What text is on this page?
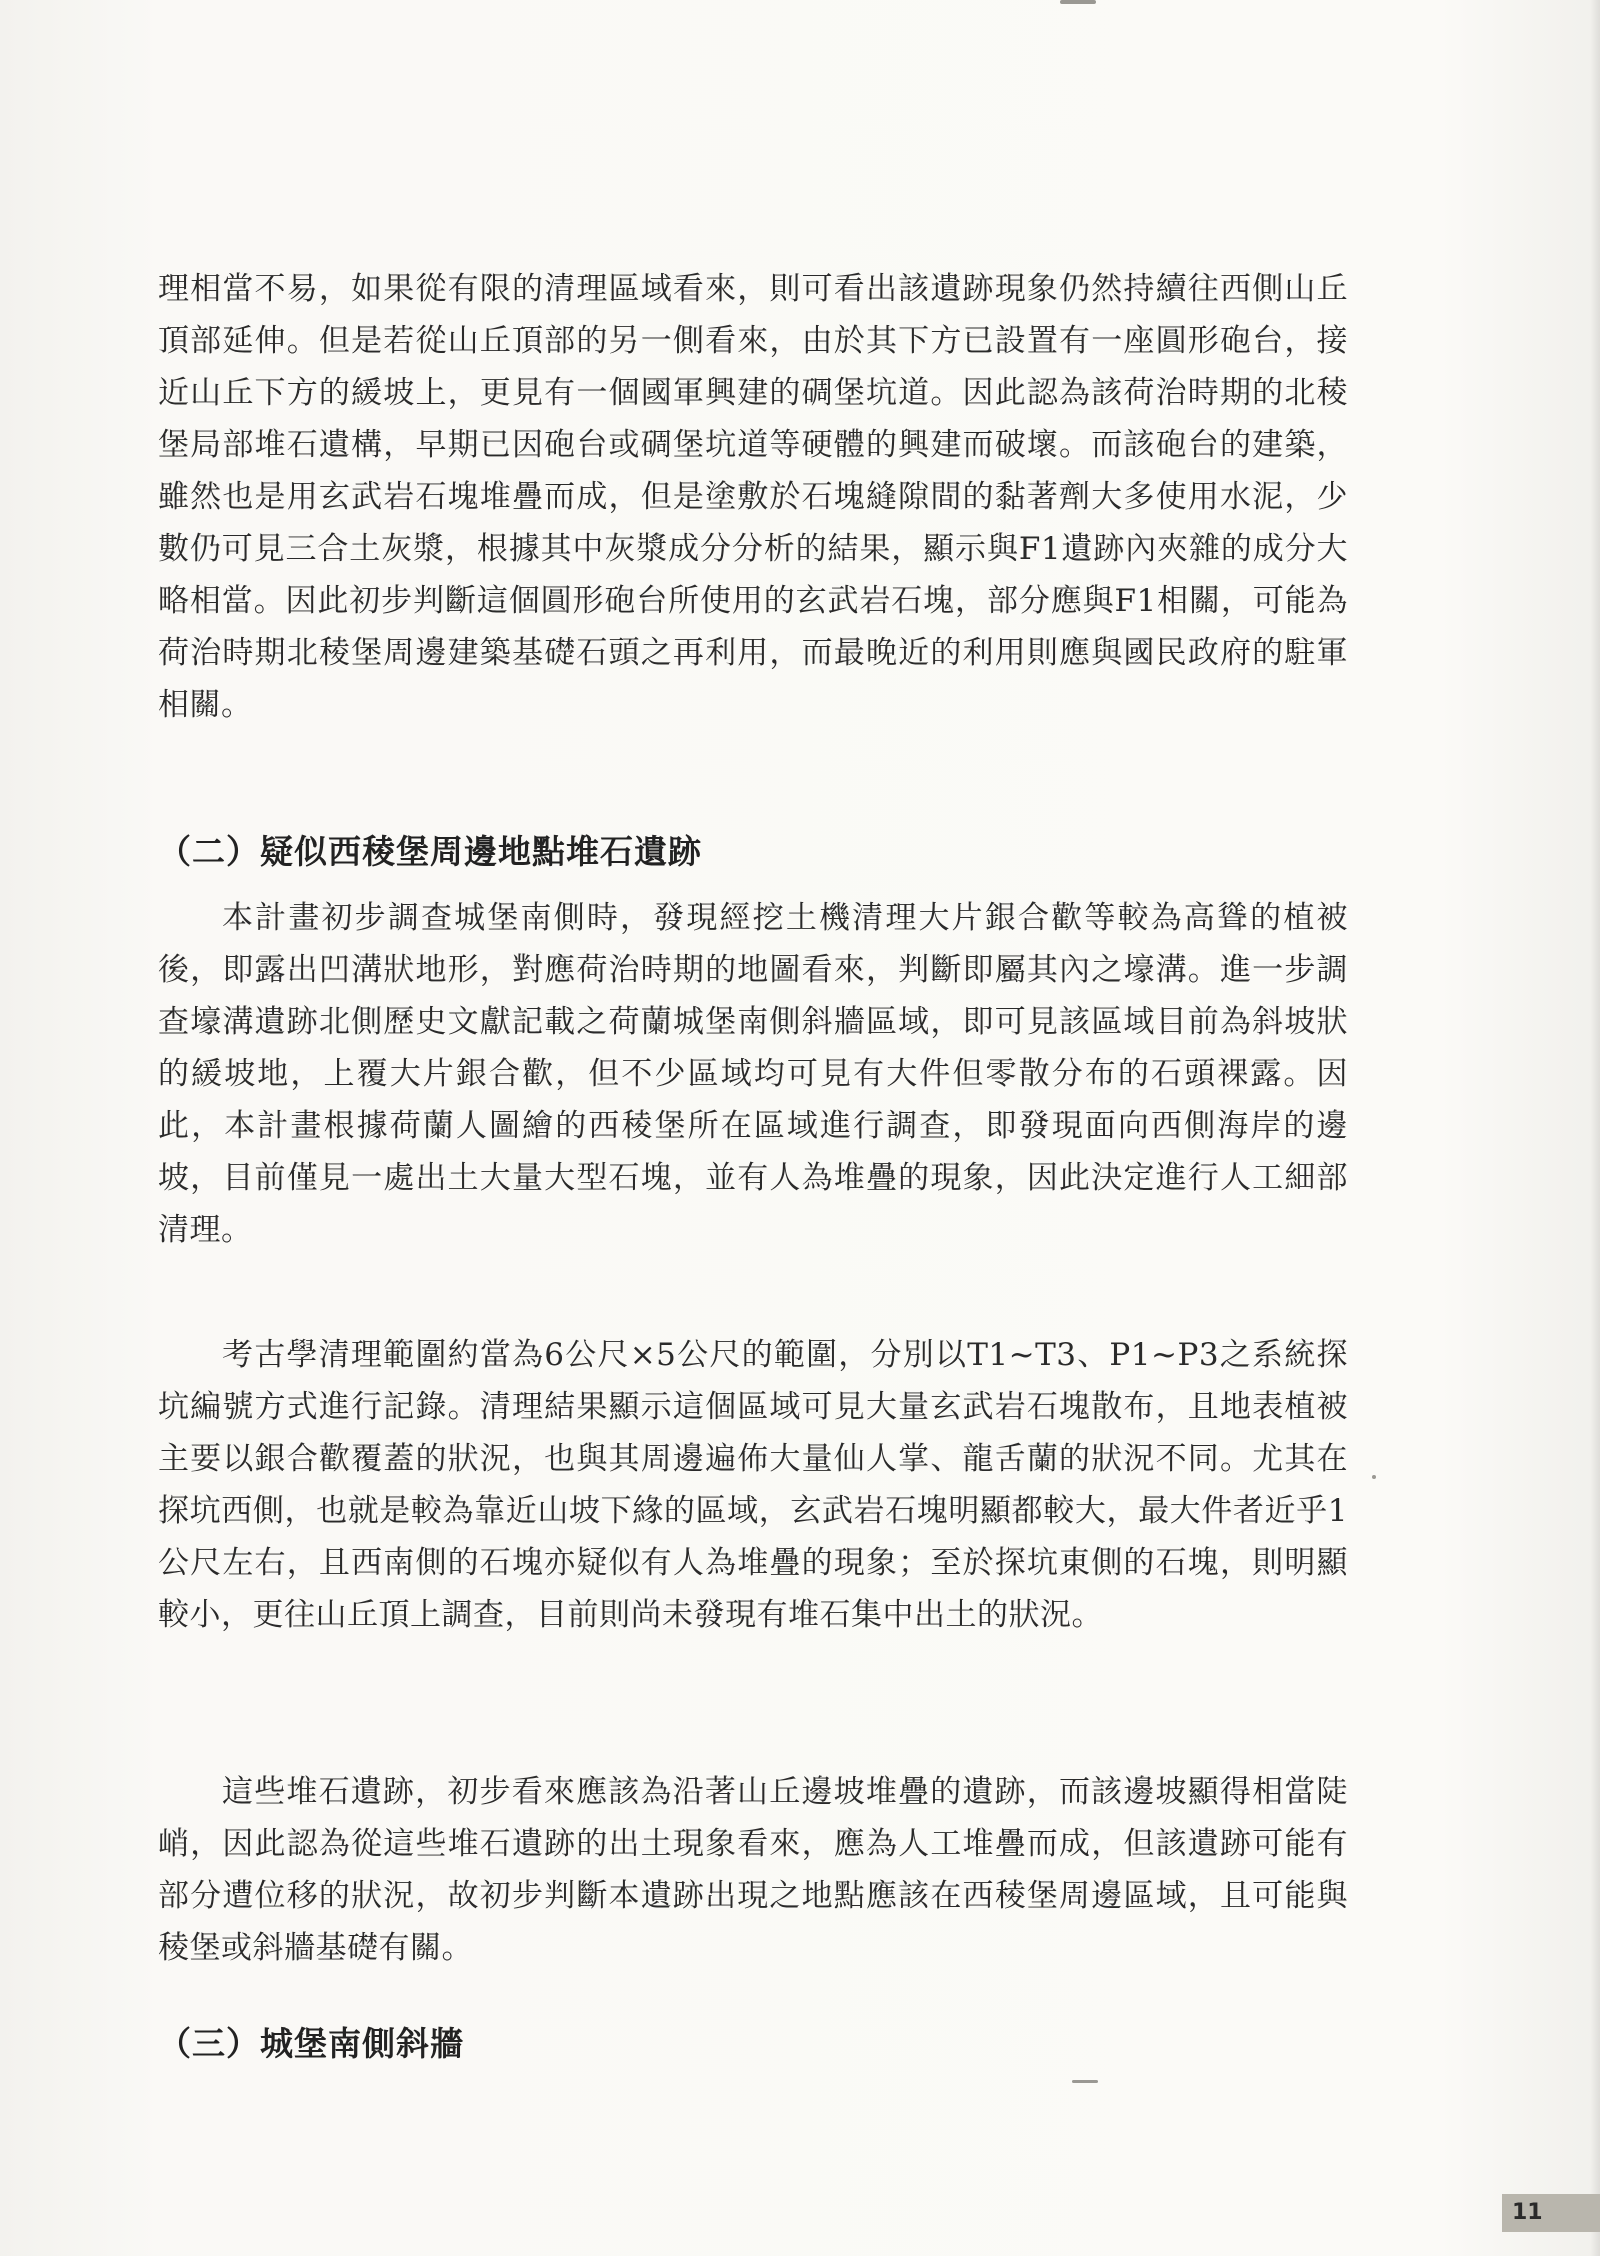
理相當不易，如果從有限的清理區域看來，則可看出該遺跡現象仍然持續往西側山丘頂部延伸。但是若從山丘頂部的另一側看來，由於其下方已設置有一座圓形砲台，接近山丘下方的緩坡上，更見有一個國軍興建的碉堡坑道。因此認為該荷治時期的北稜堡局部堆石遺構，早期已因砲台或碉堡坑道等硬體的興建而破壞。而該砲台的建築，雖然也是用玄武岩石塊堆疊而成，但是塗敷於石塊縫隙間的黏著劑大多使用水泥，少數仍可見三合土灰漿，根據其中灰漿成分分析的結果，顯示與F1遺跡內夾雜的成分大略相當。因此初步判斷這個圓形砲台所使用的玄武岩石塊，部分應與F1相關，可能為荷治時期北稜堡周邊建築基礎石頭之再利用，而最晚近的利用則應與國民政府的駐軍相關。

（二）疑似西稜堡周邊地點堆石遺跡

本計畫初步調查城堡南側時，發現經挖土機清理大片銀合歡等較為高聳的植被後，即露出凹溝狀地形，對應荷治時期的地圖看來，判斷即屬其內之壕溝。進一步調查壕溝遺跡北側歷史文獻記載之荷蘭城堡南側斜牆區域，即可見該區域目前為斜坡狀的緩坡地，上覆大片銀合歡，但不少區域均可見有大件但零散分布的石頭裸露。因此，本計畫根據荷蘭人圖繪的西稜堡所在區域進行調查，即發現面向西側海岸的邊坡，目前僅見一處出土大量大型石塊，並有人為堆疊的現象，因此決定進行人工細部清理。

考古學清理範圍約當為6公尺×5公尺的範圍，分別以T1~T3、P1~P3之系統探坑編號方式進行記錄。清理結果顯示這個區域可見大量玄武岩石塊散布，且地表植被主要以銀合歡覆蓋的狀況，也與其周邊遍佈大量仙人掌、龍舌蘭的狀況不同。尤其在探坑西側，也就是較為靠近山坡下緣的區域，玄武岩石塊明顯都較大，最大件者近乎1公尺左右，且西南側的石塊亦疑似有人為堆疊的現象；至於探坑東側的石塊，則明顯較小，更往山丘頂上調查，目前則尚未發現有堆石集中出土的狀況。

這些堆石遺跡，初步看來應該為沿著山丘邊坡堆疊的遺跡，而該邊坡顯得相當陡峭，因此認為從這些堆石遺跡的出土現象看來，應為人工堆疊而成，但該遺跡可能有部分遭位移的狀況，故初步判斷本遺跡出現之地點應該在西稜堡周邊區域，且可能與稜堡或斜牆基礎有關。

（三）城堡南側斜牆
11
